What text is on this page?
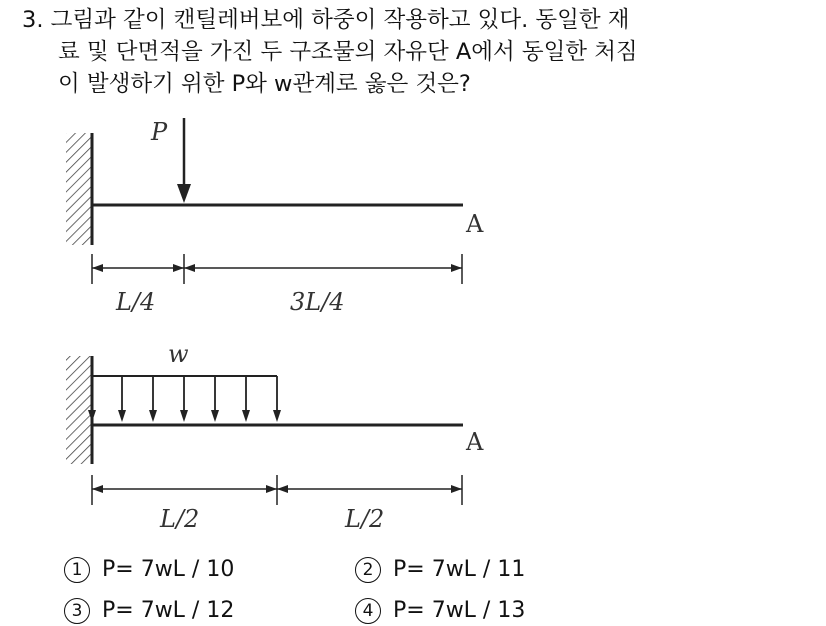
3. 그림과 같이 캔틸레버보에 하중이 작용하고 있다. 동일한 재
료 및 단면적을 가진 두 구조물의 자유단 A에서 동일한 처짐
이 발생하기 위한 P와 w관계로 옳은 것은?
P
A
L/4	3L/4
w
A
L/2	L/2
1 P= 7wL / 10	2 P= 7wL / 11
3 P= 7wL / 12	4 P= 7wL / 13
